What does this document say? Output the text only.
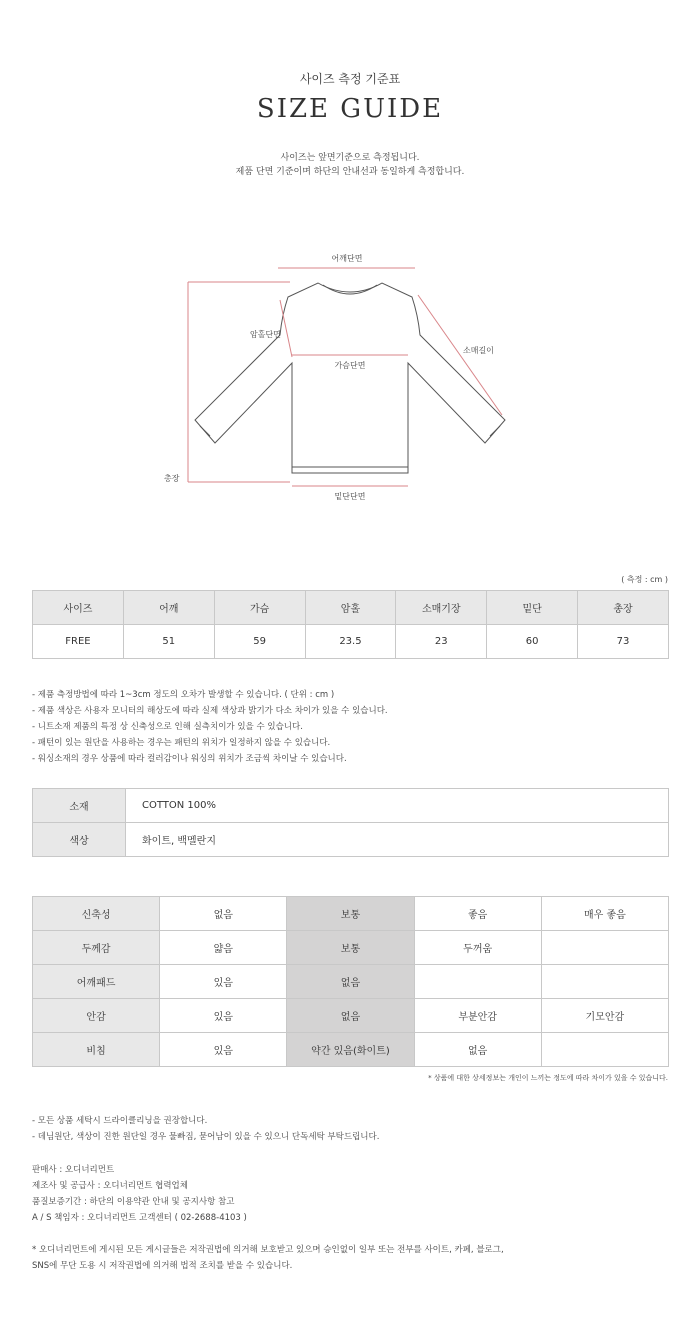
사이즈 측정 기준표
SIZE GUIDE
사이즈는 앞면기준으로 측정됩니다.
제품 단면 기준이며 하단의 안내선과 동일하게 측정합니다.
어깨단면
암홀단면
소매길이
가슴단면
총장
밑단단면
( 측정 : cm )
사이즈	어깨	가슴	암홀	소매기장	밑단	총장
FREE	51	59	23.5	23	60	73
- 제품 측정방법에 따라 1~3cm 정도의 오차가 발생할 수 있습니다. ( 단위 : cm )
- 제품 색상은 사용자 모니터의 해상도에 따라 실제 색상과 밝기가 다소 차이가 있을 수 있습니다.
- 니트소재 제품의 특정 상 신축성으로 인해 실측치이가 있을 수 있습니다.
- 패턴이 있는 원단을 사용하는 경우는 패턴의 위치가 일정하지 않을 수 있습니다.
- 워싱소재의 경우 상품에 따라 컬러감이나 워싱의 위치가 조금씩 차이날 수 있습니다.
소재	COTTON 100%
색상	화이트, 백멜란지
신축성	없음	보통	좋음	매우 좋음
두께감	얇음	보통	두꺼움	
어깨패드	있음	없음		
안감	있음	없음	부분안감	기모안감
비침	있음	약간 있음(화이트)	없음	
* 상품에 대한 상세정보는 개인이 느끼는 정도에 따라 차이가 있을 수 있습니다.
- 모든 상품 세탁시 드라이클리닝을 권장합니다.
- 데님원단, 색상이 진한 원단일 경우 물빠짐, 묻어남이 있을 수 있으니 단독세탁 부탁드립니다.
판매사 : 오디너리먼트
제조사 및 공급사 : 오디너리먼트 협력업체
품질보증기간 : 하단의 이용약관 안내 및 공지사항 참고
A / S 책임자 : 오디너리먼트 고객센터 ( 02-2688-4103 )
* 오디너리먼트에 게시된 모든 게시글들은 저작권법에 의거해 보호받고 있으며 승인없이 일부 또는 전부를 사이트, 카페, 블로그,
SNS에 무단 도용 시 저작권법에 의거해 법적 조치를 받을 수 있습니다.
